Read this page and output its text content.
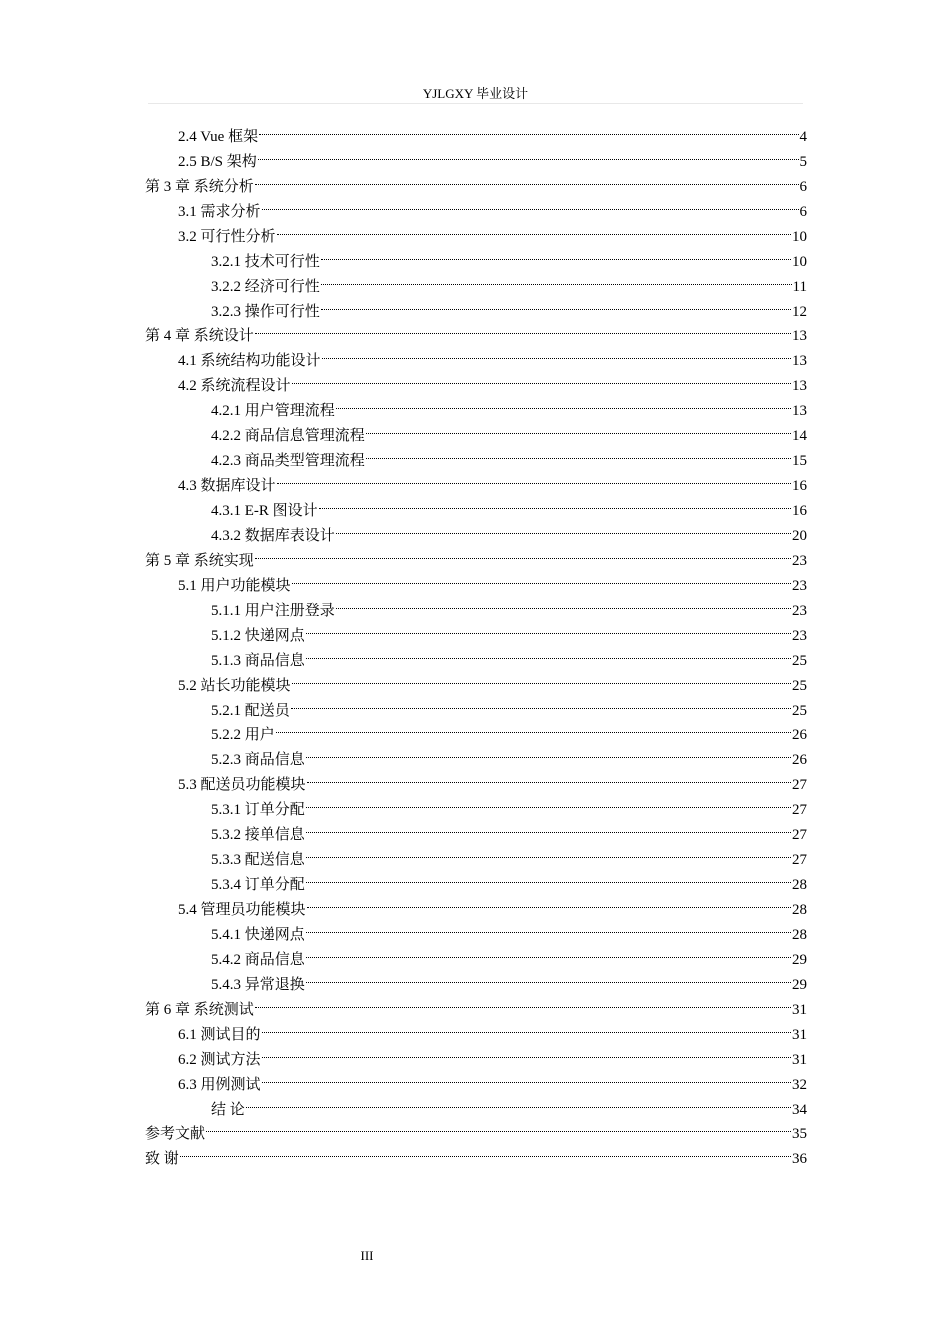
YJLGXY 毕业设计
2.4 Vue 框架	4
2.5 B/S 架构	5
第 3 章 系统分析	6
3.1 需求分析	6
3.2 可行性分析	10
3.2.1 技术可行性	10
3.2.2 经济可行性	11
3.2.3 操作可行性	12
第 4 章 系统设计	13
4.1 系统结构功能设计	13
4.2 系统流程设计	13
4.2.1 用户管理流程	13
4.2.2 商品信息管理流程	14
4.2.3 商品类型管理流程	15
4.3 数据库设计	16
4.3.1 E-R 图设计	16
4.3.2 数据库表设计	20
第 5 章 系统实现	23
5.1 用户功能模块	23
5.1.1 用户注册登录	23
5.1.2 快递网点	23
5.1.3 商品信息	25
5.2 站长功能模块	25
5.2.1 配送员	25
5.2.2 用户	26
5.2.3 商品信息	26
5.3 配送员功能模块	27
5.3.1 订单分配	27
5.3.2 接单信息	27
5.3.3 配送信息	27
5.3.4 订单分配	28
5.4 管理员功能模块	28
5.4.1 快递网点	28
5.4.2 商品信息	29
5.4.3 异常退换	29
第 6 章 系统测试	31
6.1 测试目的	31
6.2 测试方法	31
6.3 用例测试	32
结 论	34
参考文献	35
致 谢	36
III
